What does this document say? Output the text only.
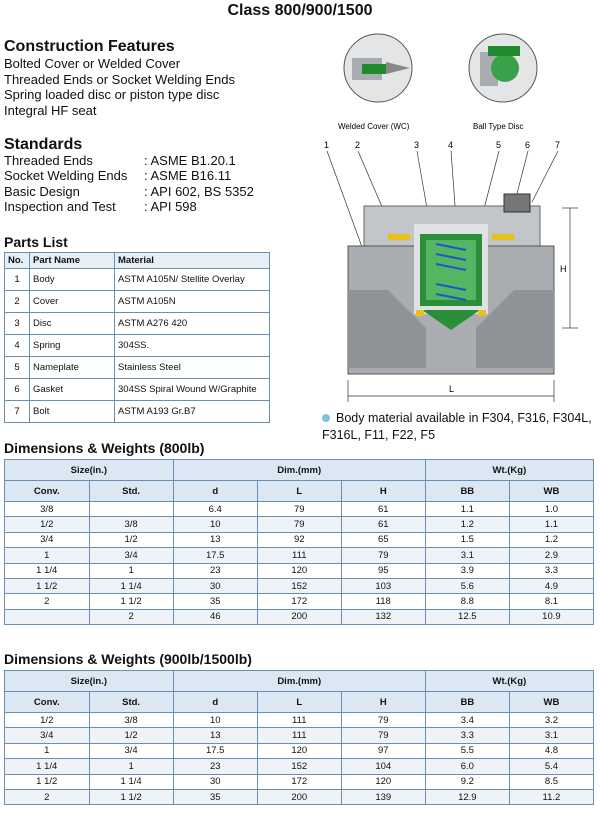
Class 800/900/1500
Construction Features
Bolted Cover or Welded Cover
Threaded Ends or Socket Welding Ends
Spring loaded disc or piston type disc
Integral HF seat
Standards
Threaded Ends	: ASME B1.20.1
Socket Welding Ends	: ASME B16.11
Basic Design	: API 602, BS 5352
Inspection and Test	: API 598
Parts List
No.	Part Name	Material
1	Body	ASTM A105N/ Stellite Overlay
2	Cover	ASTM A105N
3	Disc	ASTM A276 420
4	Spring	304SS.
5	Nameplate	Stainless Steel
6	Gasket	304SS Spiral Wound W/Graphite
7	Bolt	ASTM A193 Gr.B7
Welded Cover (WC)	Ball Type Disc
1	2	3	4	5	6	7
H
L
Body material available in F304, F316, F304L, F316L, F11, F22, F5
Dimensions & Weights (800lb)
Size(in.)		Dim.(mm)			Wt.(Kg)	
Conv.	Std.	d	L	H	BB	WB
3/8		6.4	79	61	1.1	1.0
1/2	3/8	10	79	61	1.2	1.1
3/4	1/2	13	92	65	1.5	1.2
1	3/4	17.5	111	79	3.1	2.9
1 1/4	1	23	120	95	3.9	3.3
1 1/2	1 1/4	30	152	103	5.6	4.9
2	1 1/2	35	172	118	8.8	8.1
	2	46	200	132	12.5	10.9
Dimensions & Weights (900lb/1500lb)
Size(in.)		Dim.(mm)			Wt.(Kg)	
Conv.	Std.	d	L	H	BB	WB
1/2	3/8	10	111	79	3.4	3.2
3/4	1/2	13	111	79	3.3	3.1
1	3/4	17.5	120	97	5.5	4.8
1 1/4	1	23	152	104	6.0	5.4
1 1/2	1 1/4	30	172	120	9.2	8.5
2	1 1/2	35	200	139	12.9	11.2
